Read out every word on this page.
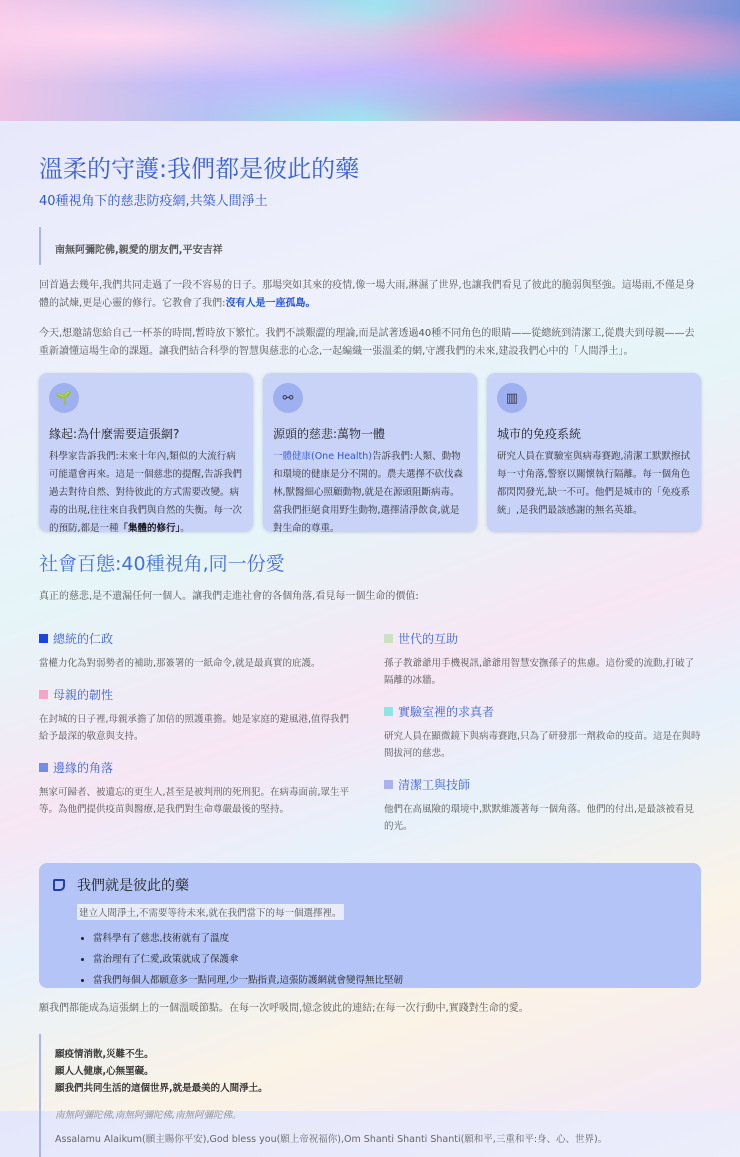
溫柔的守護:我們都是彼此的藥
40種視角下的慈悲防疫網,共築人間淨土
南無阿彌陀佛,親愛的朋友們,平安吉祥

回首過去幾年,我們共同走過了一段不容易的日子。那場突如其來的疫情,像一場大雨,淋濕了世界,也讓我們看見了彼此的脆弱與堅強。這場雨,不僅是身體的試煉,更是心靈的修行。它教會了我們:沒有人是一座孤島。

今天,想邀請您給自己一杯茶的時間,暫時放下繁忙。我們不談艱澀的理論,而是試著透過40種不同角色的眼睛——從總統到清潔工,從農夫到母親——去重新讀懂這場生命的課題。讓我們結合科學的智慧與慈悲的心念,一起編織一張溫柔的網,守護我們的未來,建設我們心中的「人間淨土」。

🌱
緣起:為什麼需要這張網?

科學家告訴我們:未來十年內,類似的大流行病可能還會再來。這是一個慈悲的提醒,告訴我們過去對待自然、對待彼此的方式需要改變。病毒的出現,往往來自我們與自然的失衡。每一次的預防,都是一種「集體的修行」。

⚯
源頭的慈悲:萬物一體

一體健康(One Health)告訴我們:人類、動物和環境的健康是分不開的。農夫選擇不砍伐森林,獸醫細心照顧動物,就是在源頭阻斷病毒。當我們拒絕食用野生動物,選擇清淨飲食,就是對生命的尊重。

▥
城市的免疫系統

研究人員在實驗室與病毒賽跑,清潔工默默擦拭每一寸角落,警察以關懷執行隔離。每一個角色都閃閃發光,缺一不可。他們是城市的「免疫系統」,是我們最該感謝的無名英雄。

社會百態:40種視角,同一份愛

真正的慈悲,是不遺漏任何一個人。讓我們走進社會的各個角落,看見每一個生命的價值:

總統的仁政

當權力化為對弱勢者的補助,那簽署的一紙命令,就是最真實的庇護。

母親的韌性

在封城的日子裡,母親承擔了加倍的照護重擔。她是家庭的避風港,值得我們給予最深的敬意與支持。

邊緣的角落

無家可歸者、被遺忘的更生人,甚至是被判刑的死刑犯。在病毒面前,眾生平等。為他們提供疫苗與醫療,是我們對生命尊嚴最後的堅持。

世代的互助

孫子教爺爺用手機視訊,爺爺用智慧安撫孫子的焦慮。這份愛的流動,打破了隔離的冰牆。

實驗室裡的求真者

研究人員在顯微鏡下與病毒賽跑,只為了研發那一劑救命的疫苗。這是在與時間拔河的慈悲。

清潔工與技師

他們在高風險的環境中,默默維護著每一個角落。他們的付出,是最該被看見的光。

我們就是彼此的藥
建立人間淨土,不需要等待未來,就在我們當下的每一個選擇裡。
• 當科學有了慈悲,技術就有了溫度
• 當治理有了仁愛,政策就成了保護傘
• 當我們每個人都願意多一點同理,少一點指責,這張防護網就會變得無比堅韌

願我們都能成為這張網上的一個溫暖節點。在每一次呼吸間,憶念彼此的連結;在每一次行動中,實踐對生命的愛。

願疫情消散,災難不生。
願人人健康,心無罣礙。
願我們共同生活的這個世界,就是最美的人間淨土。
南無阿彌陀佛,南無阿彌陀佛,南無阿彌陀佛。
Assalamu Alaikum(願主賜你平安),God bless you(願上帝祝福你),Om Shanti Shanti Shanti(願和平,三重和平:身、心、世界)。
